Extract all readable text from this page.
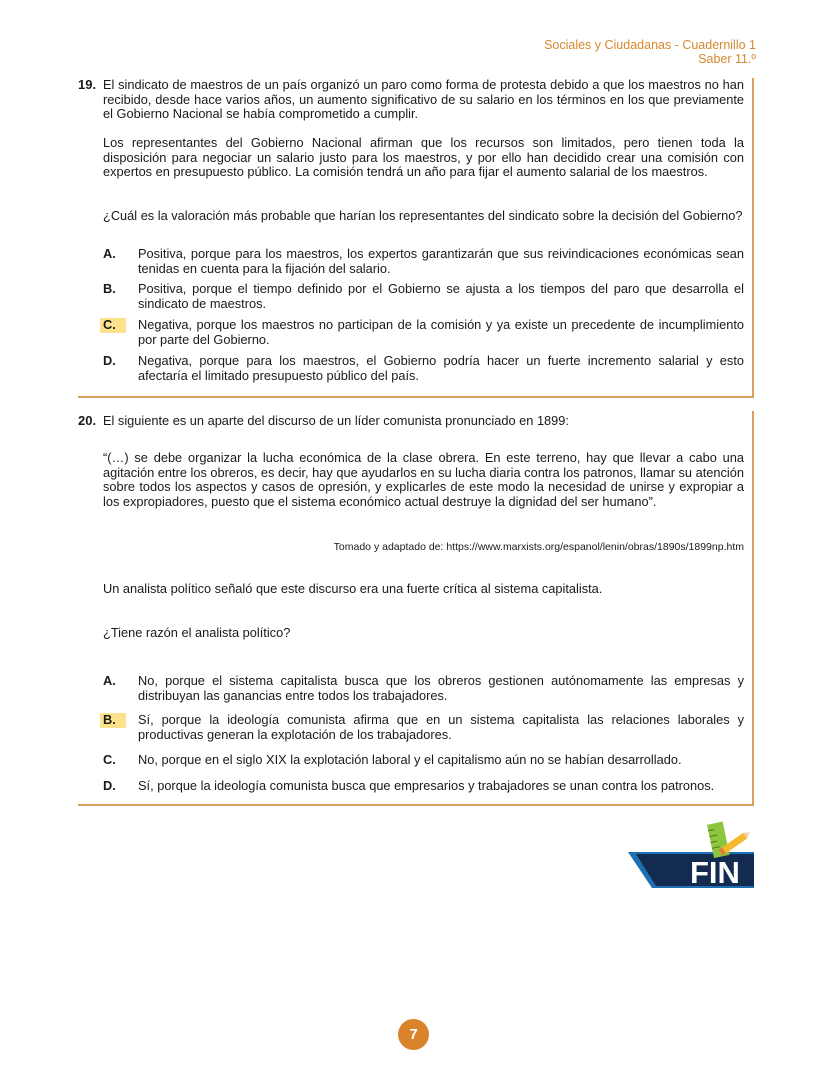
Sociales y Ciudadanas - Cuadernillo 1
Saber 11.º
19. El sindicato de maestros de un país organizó un paro como forma de protesta debido a que los maestros no han recibido, desde hace varios años, un aumento significativo de su salario en los términos en los que previamente el Gobierno Nacional se había comprometido a cumplir.
Los representantes del Gobierno Nacional afirman que los recursos son limitados, pero tienen toda la disposición para negociar un salario justo para los maestros, y por ello han decidido crear una comisión con expertos en presupuesto público. La comisión tendrá un año para fijar el aumento salarial de los maestros.
¿Cuál es la valoración más probable que harían los representantes del sindicato sobre la decisión del Gobierno?
A.	Positiva, porque para los maestros, los expertos garantizarán que sus reivindicaciones económicas sean tenidas en cuenta para la fijación del salario.
B.	Positiva, porque el tiempo definido por el Gobierno se ajusta a los tiempos del paro que desarrolla el sindicato de maestros.
C.	Negativa, porque los maestros no participan de la comisión y ya existe un precedente de incumplimiento por parte del Gobierno.
D.	Negativa, porque para los maestros, el Gobierno podría hacer un fuerte incremento salarial y esto afectaría el limitado presupuesto público del país.
20. El siguiente es un aparte del discurso de un líder comunista pronunciado en 1899:
“(…) se debe organizar la lucha económica de la clase obrera. En este terreno, hay que llevar a cabo una agitación entre los obreros, es decir, hay que ayudarlos en su lucha diaria contra los patronos, llamar su atención sobre todos los aspectos y casos de opresión, y explicarles de este modo la necesidad de unirse y expropiar a los expropiadores, puesto que el sistema económico actual destruye la dignidad del ser humano”.
Tomado y adaptado de: https://www.marxists.org/espanol/lenin/obras/1890s/1899np.htm
Un analista político señaló que este discurso era una fuerte crítica al sistema capitalista.
¿Tiene razón el analista político?
A.	No, porque el sistema capitalista busca que los obreros gestionen autónomamente las empresas y distribuyan las ganancias entre todos los trabajadores.
B.	Sí, porque la ideología comunista afirma que en un sistema capitalista las relaciones laborales y productivas generan la explotación de los trabajadores.
C.	No, porque en el siglo XIX la explotación laboral y el capitalismo aún no se habían desarrollado.
D.	Sí, porque la ideología comunista busca que empresarios y trabajadores se unan contra los patronos.
FIN
7
